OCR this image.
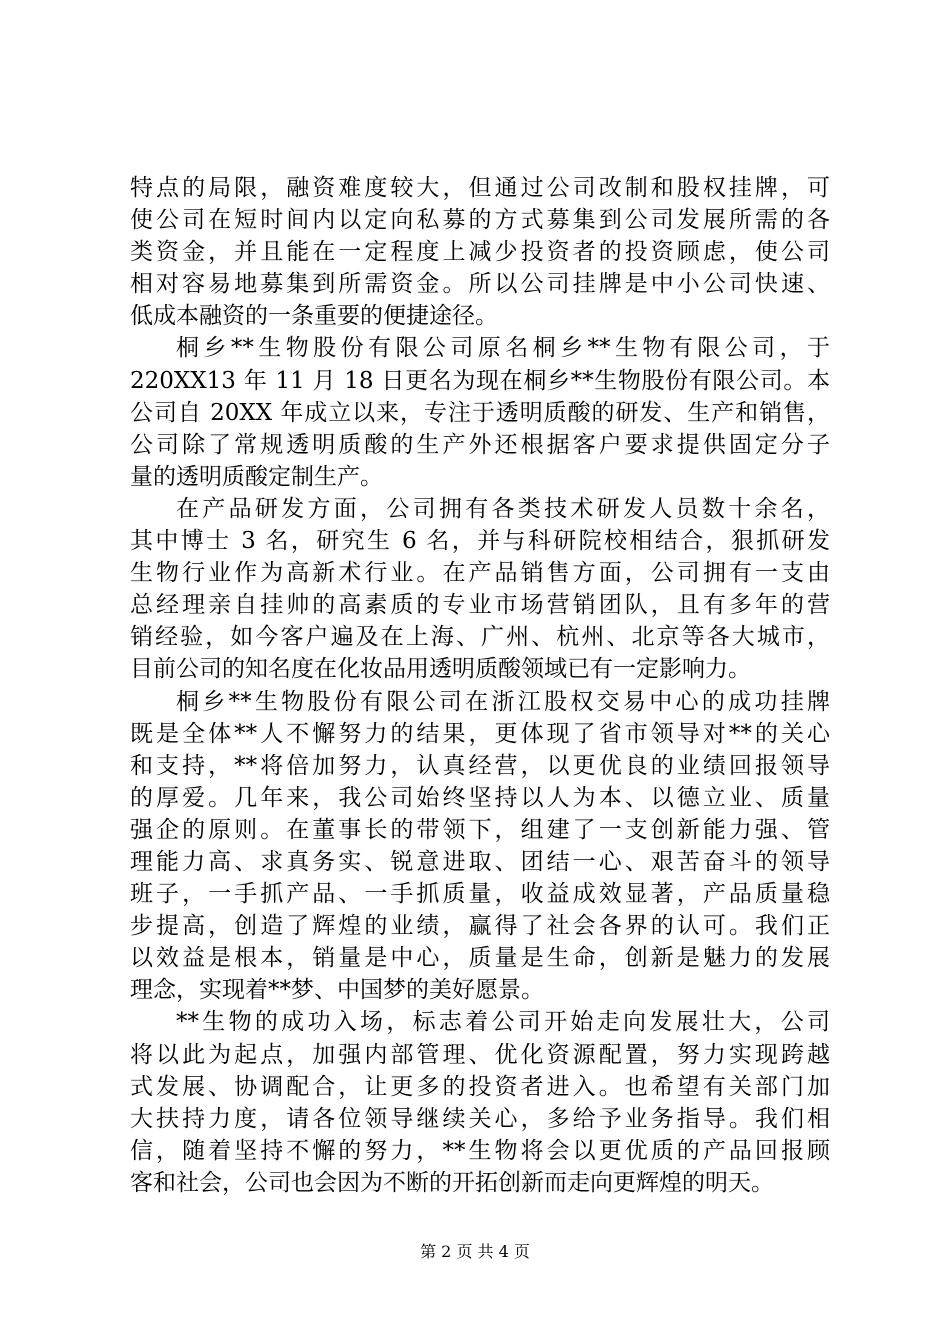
特点的局限，融资难度较大，但通过公司改制和股权挂牌，可
使公司在短时间内以定向私募的方式募集到公司发展所需的各
类资金，并且能在一定程度上减少投资者的投资顾虑，使公司
相对容易地募集到所需资金。所以公司挂牌是中小公司快速、
低成本融资的一条重要的便捷途径。
桐乡**生物股份有限公司原名桐乡**生物有限公司，于
220XX13 年 11 月 18 日更名为现在桐乡**生物股份有限公司。本
公司自 20XX 年成立以来，专注于透明质酸的研发、生产和销售，
公司除了常规透明质酸的生产外还根据客户要求提供固定分子
量的透明质酸定制生产。
在产品研发方面，公司拥有各类技术研发人员数十余名，
其中博士 3 名，研究生 6 名，并与科研院校相结合，狠抓研发
生物行业作为高新术行业。在产品销售方面，公司拥有一支由
总经理亲自挂帅的高素质的专业市场营销团队，且有多年的营
销经验，如今客户遍及在上海、广州、杭州、北京等各大城市，
目前公司的知名度在化妆品用透明质酸领域已有一定影响力。
桐乡**生物股份有限公司在浙江股权交易中心的成功挂牌
既是全体**人不懈努力的结果，更体现了省市领导对**的关心
和支持，**将倍加努力，认真经营，以更优良的业绩回报领导
的厚爱。几年来，我公司始终坚持以人为本、以德立业、质量
强企的原则。在董事长的带领下，组建了一支创新能力强、管
理能力高、求真务实、锐意进取、团结一心、艰苦奋斗的领导
班子，一手抓产品、一手抓质量，收益成效显著，产品质量稳
步提高，创造了辉煌的业绩，赢得了社会各界的认可。我们正
以效益是根本，销量是中心，质量是生命，创新是魅力的发展
理念，实现着**梦、中国梦的美好愿景。
**生物的成功入场，标志着公司开始走向发展壮大，公司
将以此为起点，加强内部管理、优化资源配置，努力实现跨越
式发展、协调配合，让更多的投资者进入。也希望有关部门加
大扶持力度，请各位领导继续关心，多给予业务指导。我们相
信，随着坚持不懈的努力，**生物将会以更优质的产品回报顾
客和社会，公司也会因为不断的开拓创新而走向更辉煌的明天。
第 2 页 共 4 页
